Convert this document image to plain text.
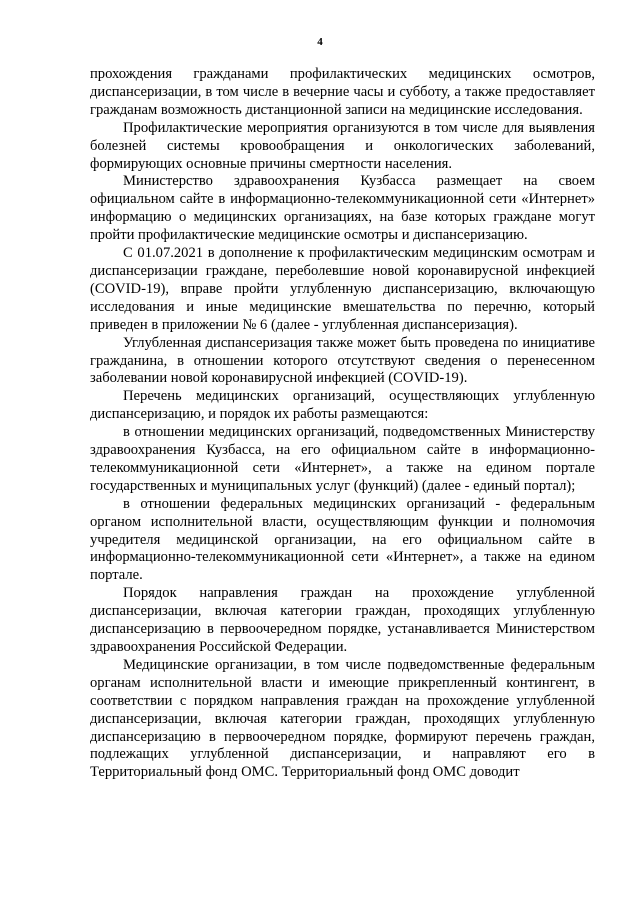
4

прохождения гражданами профилактических медицинских осмотров, диспансеризации, в том числе в вечерние часы и субботу, а также предоставляет гражданам возможность дистанционной записи на медицинские исследования.

Профилактические мероприятия организуются в том числе для выявления болезней системы кровообращения и онкологических заболеваний, формирующих основные причины смертности населения.

Министерство здравоохранения Кузбасса размещает на своем официальном сайте в информационно-телекоммуникационной сети «Интернет» информацию о медицинских организациях, на базе которых граждане могут пройти профилактические медицинские осмотры и диспансеризацию.

С 01.07.2021 в дополнение к профилактическим медицинским осмотрам и диспансеризации граждане, переболевшие новой коронавирусной инфекцией (COVID-19), вправе пройти углубленную диспансеризацию, включающую исследования и иные медицинские вмешательства по перечню, который приведен в приложении № 6 (далее - углубленная диспансеризация).

Углубленная диспансеризация также может быть проведена по инициативе гражданина, в отношении которого отсутствуют сведения о перенесенном заболевании новой коронавирусной инфекцией (COVID-19).

Перечень медицинских организаций, осуществляющих углубленную диспансеризацию, и порядок их работы размещаются:

в отношении медицинских организаций, подведомственных Министерству здравоохранения Кузбасса, на его официальном сайте в информационно-телекоммуникационной сети «Интернет», а также на едином портале государственных и муниципальных услуг (функций) (далее - единый портал);

в отношении федеральных медицинских организаций - федеральным органом исполнительной власти, осуществляющим функции и полномочия учредителя медицинской организации, на его официальном сайте в информационно-телекоммуникационной сети «Интернет», а также на едином портале.

Порядок направления граждан на прохождение углубленной диспансеризации, включая категории граждан, проходящих углубленную диспансеризацию в первоочередном порядке, устанавливается Министерством здравоохранения Российской Федерации.

Медицинские организации, в том числе подведомственные федеральным органам исполнительной власти и имеющие прикрепленный контингент, в соответствии с порядком направления граждан на прохождение углубленной диспансеризации, включая категории граждан, проходящих углубленную диспансеризацию в первоочередном порядке, формируют перечень граждан, подлежащих углубленной диспансеризации, и направляют его в Территориальный фонд ОМС. Территориальный фонд ОМС доводит
